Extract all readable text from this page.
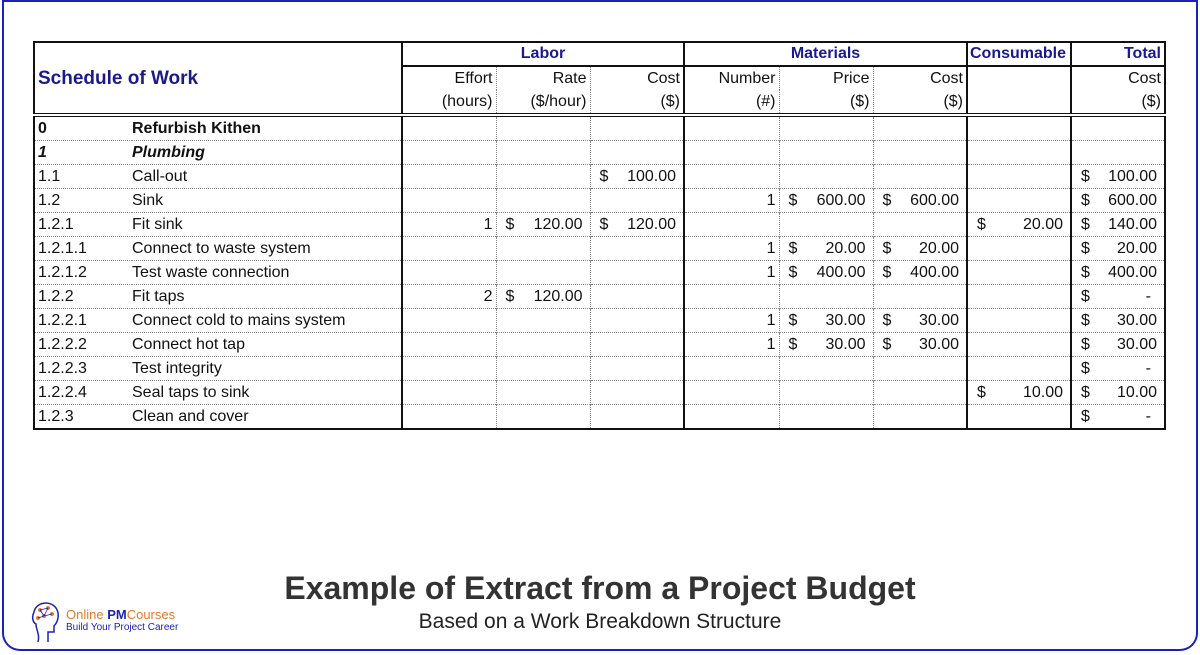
Schedule of Work		Labor			Materials			Consumable	Total
		Effort	Rate	Cost	Number	Price	Cost		Cost
		(hours)	($/hour)	($)	(#)	($)	($)		($)
0	Refurbish Kithen								
1	Plumbing								
1.1	Call-out			$ 100.00					$ 100.00

1.2	Sink				1	$ 600.00	$ 600.00		$ 600.00

1.2.1	Fit sink	1	$ 120.00	$ 120.00				$ 20.00	$ 140.00

1.2.1.1	Connect to waste system				1	$ 20.00	$ 20.00		$ 20.00

1.2.1.2	Test waste connection				1	$ 400.00	$ 400.00		$ 400.00

1.2.2	Fit taps	2	$ 120.00						$ -

1.2.2.1	Connect cold to mains system				1	$ 30.00	$ 30.00		$ 30.00

1.2.2.2	Connect hot tap				1	$ 30.00	$ 30.00		$ 30.00

1.2.2.3	Test integrity								$ -

1.2.2.4	Seal taps to sink							$ 10.00	$ 10.00

1.2.3	Clean and cover								$ -
Online PMCourses
Build Your Project Career
Example of Extract from a Project Budget
Based on a Work Breakdown Structure
